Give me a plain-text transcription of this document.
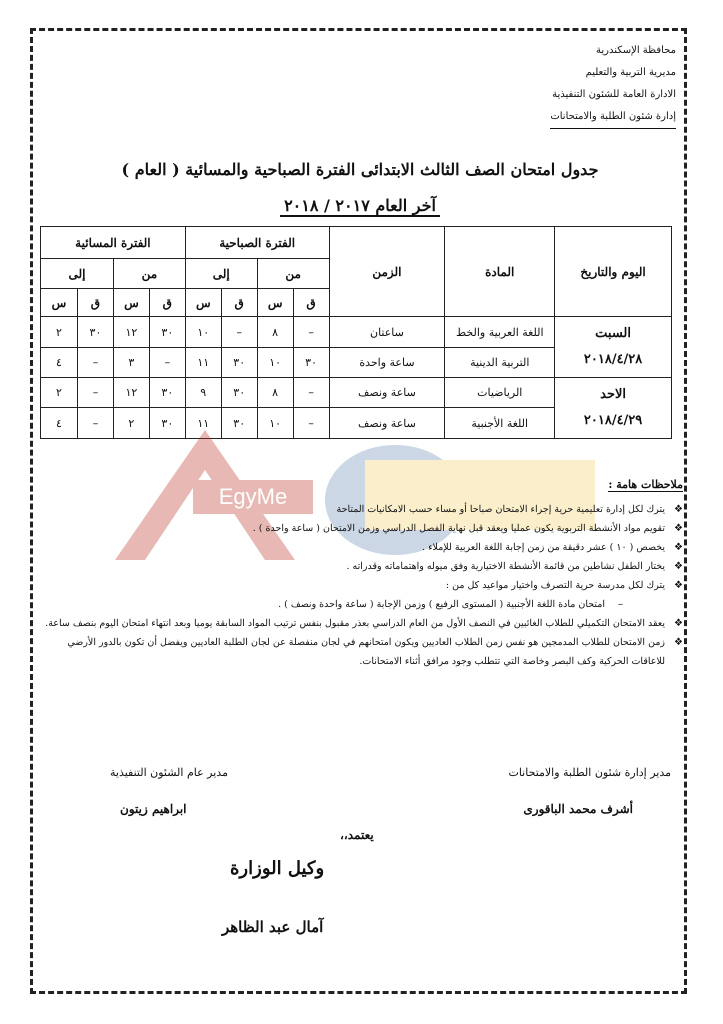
محافظة الإسكندرية
مديرية التربية والتعليم
الادارة العامة للشئون التنفيذية
إدارة شئون الطلبة والامتحانات
جدول امتحان الصف الثالث الابتدائى الفترة الصباحية والمسائية ( العام )
آخر العام ٢٠١٧ / ٢٠١٨
اليوم والتاريخ	المادة	الزمن	الفترة الصباحية				الفترة المسائية			
			من		إلى		من		إلى	
			ق	س	ق	س	ق	س	ق	س

السبت
٢٠١٨/٤/٢٨	اللغة العربية والخط	ساعتان	–	٨	–	١٠	٣٠	١٢	٣٠	٢
	التربية الدينية	ساعة واحدة	٣٠	١٠	٣٠	١١	–	٣	–	٤

الاحد
٢٠١٨/٤/٢٩	الرياضيات	ساعة ونصف	–	٨	٣٠	٩	٣٠	١٢	–	٢
	اللغة الأجنبية	ساعة ونصف	–	١٠	٣٠	١١	٣٠	٢	–	٤
EgyMe	ملاحظات هامة :
❖
يترك لكل إدارة تعليمية حرية إجراء الامتحان صباحا أو مساء حسب الامكانيات المتاحة
❖
تقويم مواد الأنشطة التربوية يكون عمليا ويعقد قبل نهاية الفصل الدراسي وزمن الامتحان ( ساعة واحدة ) .
❖
يخصص ( ١٠ ) عشر دقيقة من زمن إجابة اللغة العربية للإملاء .
❖
يختار الطفل نشاطين من قائمة الأنشطة الاختيارية وفق ميوله واهتماماته وقدراته .
❖
يترك لكل مدرسة حرية التصرف واختيار مواعيد كل من :
–
امتحان مادة اللغة الأجنبية ( المستوى الرفيع ) وزمن الإجابة ( ساعة واحدة ونصف ) .
❖
يعقد الامتحان التكميلي للطلاب الغائبين في النصف الأول من العام الدراسي بعذر مقبول بنفس ترتيب المواد السابقة يوميا وبعد انتهاء امتحان اليوم بنصف ساعة.
❖
زمن الامتحان للطلاب المدمجين هو نفس زمن الطلاب العاديين ويكون امتحانهم في لجان منفصلة عن لجان الطلبة العاديين ويفضل أن تكون بالدور الأرضي للاعاقات الحركية وكف البصر وخاصة التي تتطلب وجود مرافق أثناء الامتحانات.
مدير إدارة شئون الطلبة والامتحانات
مدير عام الشئون التنفيذية
أشرف محمد الباقورى
ابراهيم زيتون
يعتمد،،
وكيل الوزارة
آمال عبد الظاهر
